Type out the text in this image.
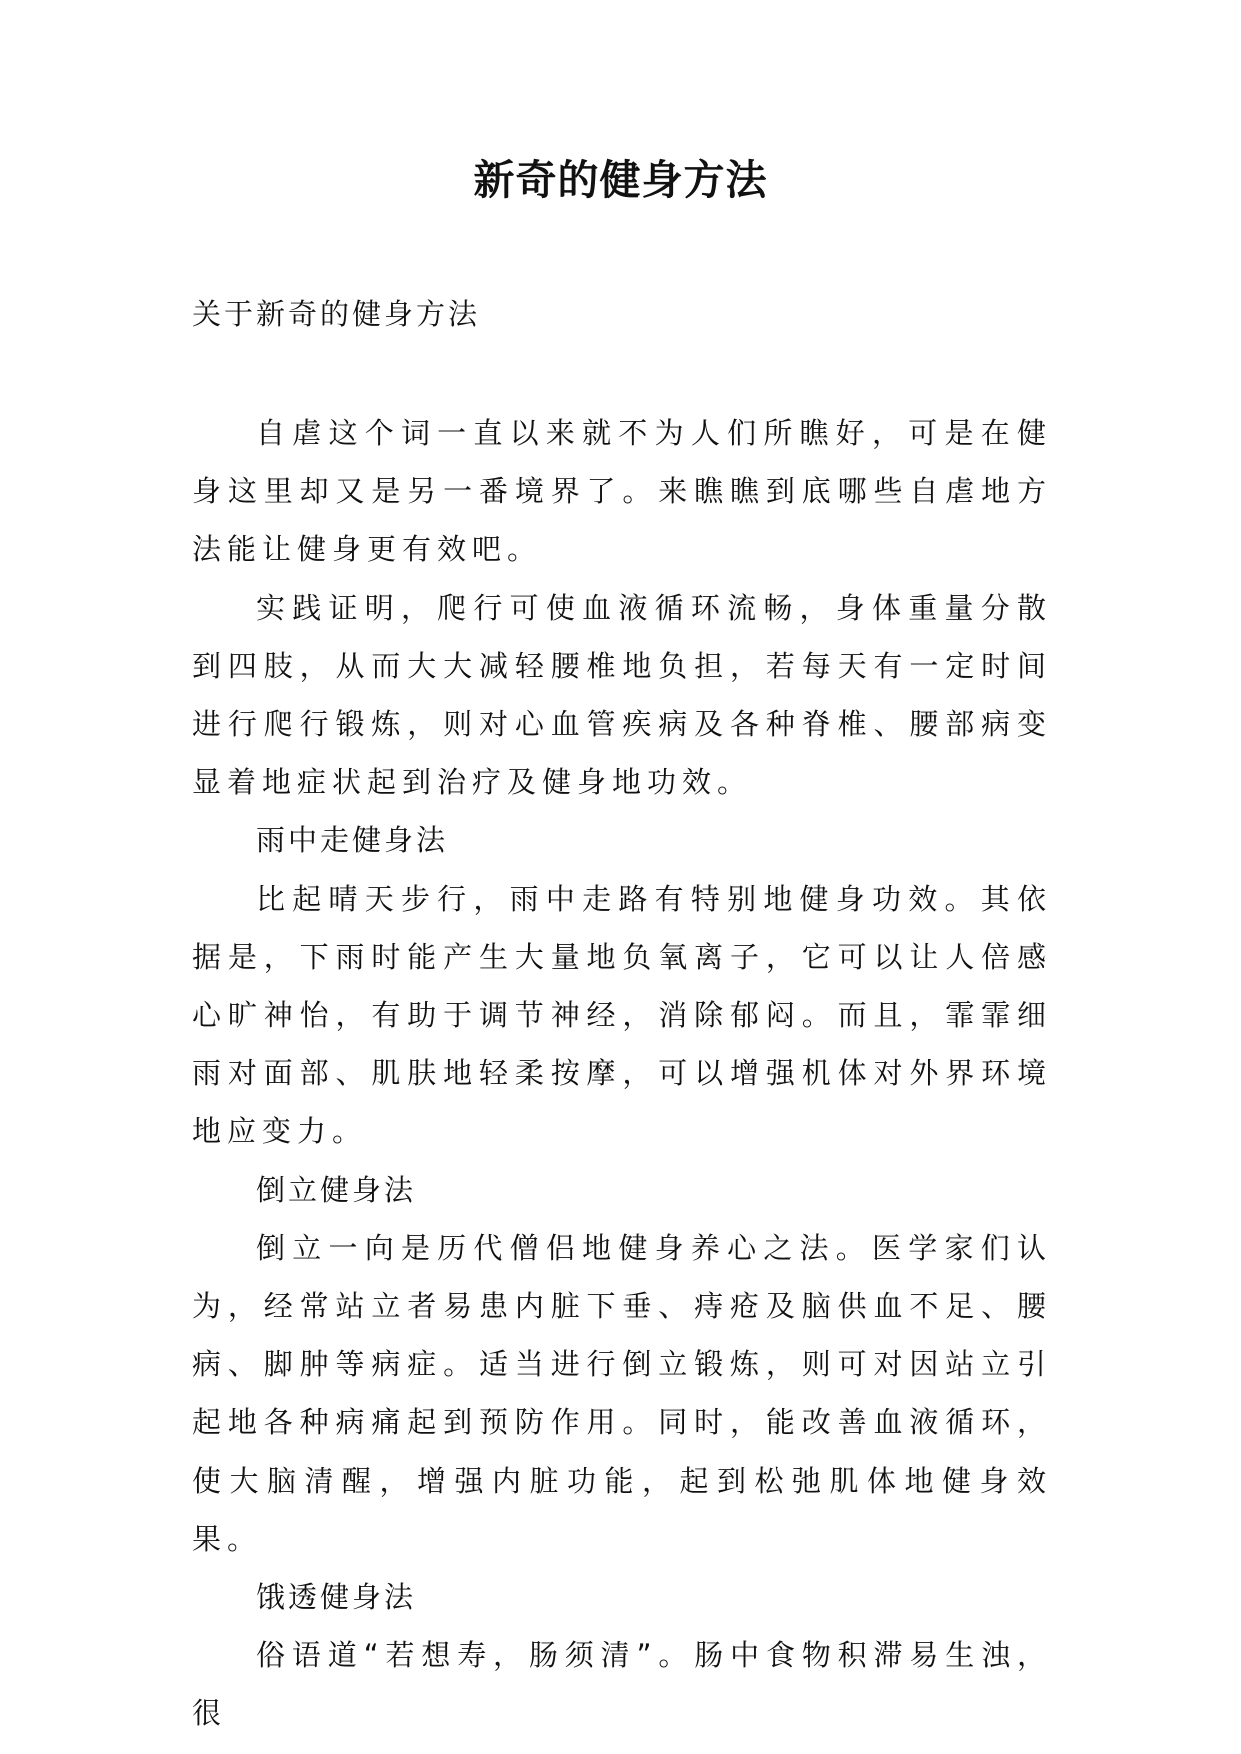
新奇的健身方法
关于新奇的健身方法

自虐这个词一直以来就不为人们所瞧好，可是在健身这里却又是另一番境界了。来瞧瞧到底哪些自虐地方法能让健身更有效吧。

实践证明，爬行可使血液循环流畅，身体重量分散到四肢，从而大大减轻腰椎地负担，若每天有一定时间进行爬行锻炼，则对心血管疾病及各种脊椎、腰部病变显着地症状起到治疗及健身地功效。

雨中走健身法

比起晴天步行，雨中走路有特别地健身功效。其依据是，下雨时能产生大量地负氧离子，它可以让人倍感心旷神怡，有助于调节神经，消除郁闷。而且，霏霏细雨对面部、肌肤地轻柔按摩，可以增强机体对外界环境地应变力。

倒立健身法

倒立一向是历代僧侣地健身养心之法。医学家们认为，经常站立者易患内脏下垂、痔疮及脑供血不足、腰病、脚肿等病症。适当进行倒立锻炼，则可对因站立引起地各种病痛起到预防作用。同时，能改善血液循环，使大脑清醒，增强内脏功能，起到松弛肌体地健身效果。

饿透健身法

俗语道“若想寿，肠须清”。肠中食物积滞易生浊，很
